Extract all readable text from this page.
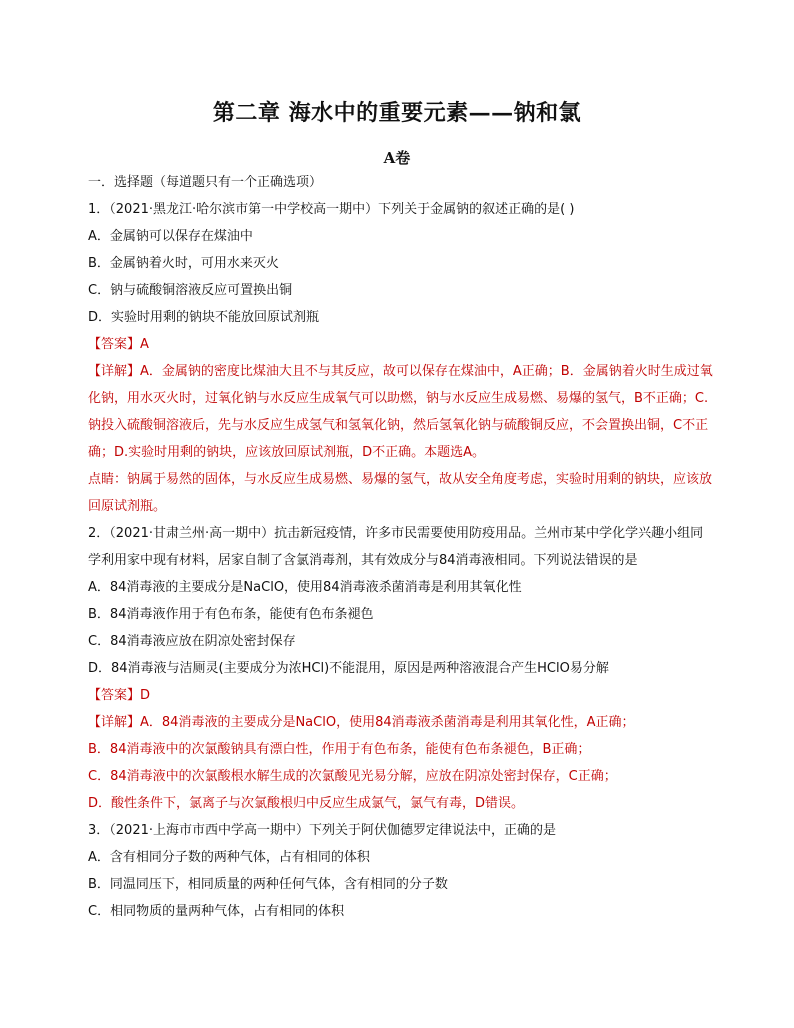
第二章 海水中的重要元素——钠和氯
A卷
一．选择题（每道题只有一个正确选项）
1．（2021·黑龙江·哈尔滨市第一中学校高一期中）下列关于金属钠的叙述正确的是( )
A．金属钠可以保存在煤油中
B．金属钠着火时，可用水来灭火
C．钠与硫酸铜溶液反应可置换出铜
D．实验时用剩的钠块不能放回原试剂瓶
【答案】A
【详解】A．金属钠的密度比煤油大且不与其反应，故可以保存在煤油中，A正确；B．金属钠着火时生成过氧
化钠，用水灭火时，过氧化钠与水反应生成氧气可以助燃，钠与水反应生成易燃、易爆的氢气，B不正确；C.
钠投入硫酸铜溶液后，先与水反应生成氢气和氢氧化钠，然后氢氧化钠与硫酸铜反应，不会置换出铜，C不正
确；D.实验时用剩的钠块，应该放回原试剂瓶，D不正确。本题选A。
点睛：钠属于易然的固体，与水反应生成易燃、易爆的氢气，故从安全角度考虑，实验时用剩的钠块，应该放
回原试剂瓶。
2．（2021·甘肃兰州·高一期中）抗击新冠疫情，许多市民需要使用防疫用品。兰州市某中学化学兴趣小组同
学利用家中现有材料，居家自制了含氯消毒剂，其有效成分与84消毒液相同。下列说法错误的是
A．84消毒液的主要成分是NaClO，使用84消毒液杀菌消毒是利用其氧化性
B．84消毒液作用于有色布条，能使有色布条褪色
C．84消毒液应放在阴凉处密封保存
D．84消毒液与洁厕灵(主要成分为浓HCl)不能混用，原因是两种溶液混合产生HClO易分解
【答案】D
【详解】A．84消毒液的主要成分是NaClO，使用84消毒液杀菌消毒是利用其氧化性，A正确；
B．84消毒液中的次氯酸钠具有漂白性，作用于有色布条，能使有色布条褪色，B正确；
C．84消毒液中的次氯酸根水解生成的次氯酸见光易分解，应放在阴凉处密封保存，C正确；
D．酸性条件下，氯离子与次氯酸根归中反应生成氯气，氯气有毒，D错误。
3．（2021·上海市市西中学高一期中）下列关于阿伏伽德罗定律说法中，正确的是
A．含有相同分子数的两种气体，占有相同的体积
B．同温同压下，相同质量的两种任何气体，含有相同的分子数
C．相同物质的量两种气体，占有相同的体积
